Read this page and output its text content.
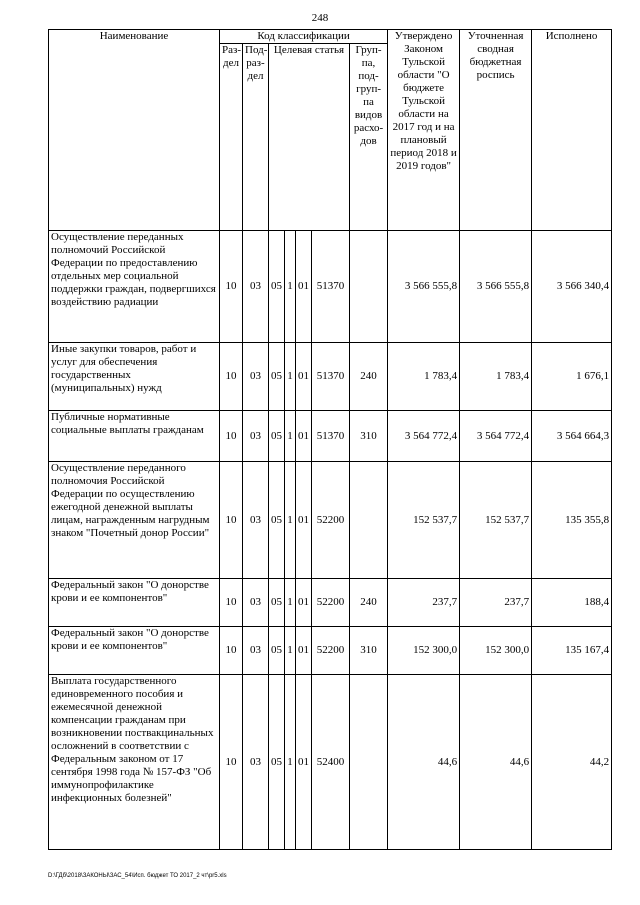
248
Наименование	Код классификации							Утверждено Законом Тульской области "О бюджете Тульской области на 2017 год и на плановый период 2018 и 2019 годов"	Уточненная сводная бюджетная роспись	Исполнено
	Раз-дел	Под-раз-дел	Целевая статья				Груп-па, под-груп-па видов расхо-дов			
Осуществление переданных полномочий Российской Федерации по предоставлению отдельных мер социальной поддержки граждан, подвергшихся воздействию радиации	10	03	05	1	01	51370		3 566 555,8	3 566 555,8	3 566 340,4
Иные закупки товаров, работ и услуг для обеспечения государственных (муниципальных) нужд	10	03	05	1	01	51370	240	1 783,4	1 783,4	1 676,1
Публичные нормативные социальные выплаты гражданам	10	03	05	1	01	51370	310	3 564 772,4	3 564 772,4	3 564 664,3
Осуществление переданного полномочия Российской Федерации по осуществлению ежегодной денежной выплаты лицам, награжденным нагрудным знаком "Почетный донор России"	10	03	05	1	01	52200		152 537,7	152 537,7	135 355,8
Федеральный закон "О донорстве крови и ее компонентов"	10	03	05	1	01	52200	240	237,7	237,7	188,4
Федеральный закон "О донорстве крови и ее компонентов"	10	03	05	1	01	52200	310	152 300,0	152 300,0	135 167,4
Выплата государственного единовременного пособия и ежемесячной денежной компенсации гражданам при возникновении поствакцинальных осложнений в соответствии с Федеральным законом от 17 сентября 1998 года № 157-ФЗ "Об иммунопрофилактике инфекционных болезней"	10	03	05	1	01	52400		44,6	44,6	44,2
D:\ГДб\2018\ЗАКОНЫ\ЗАС_54\Исп. бюджет ТО 2017_2 чт\pr5.xls
